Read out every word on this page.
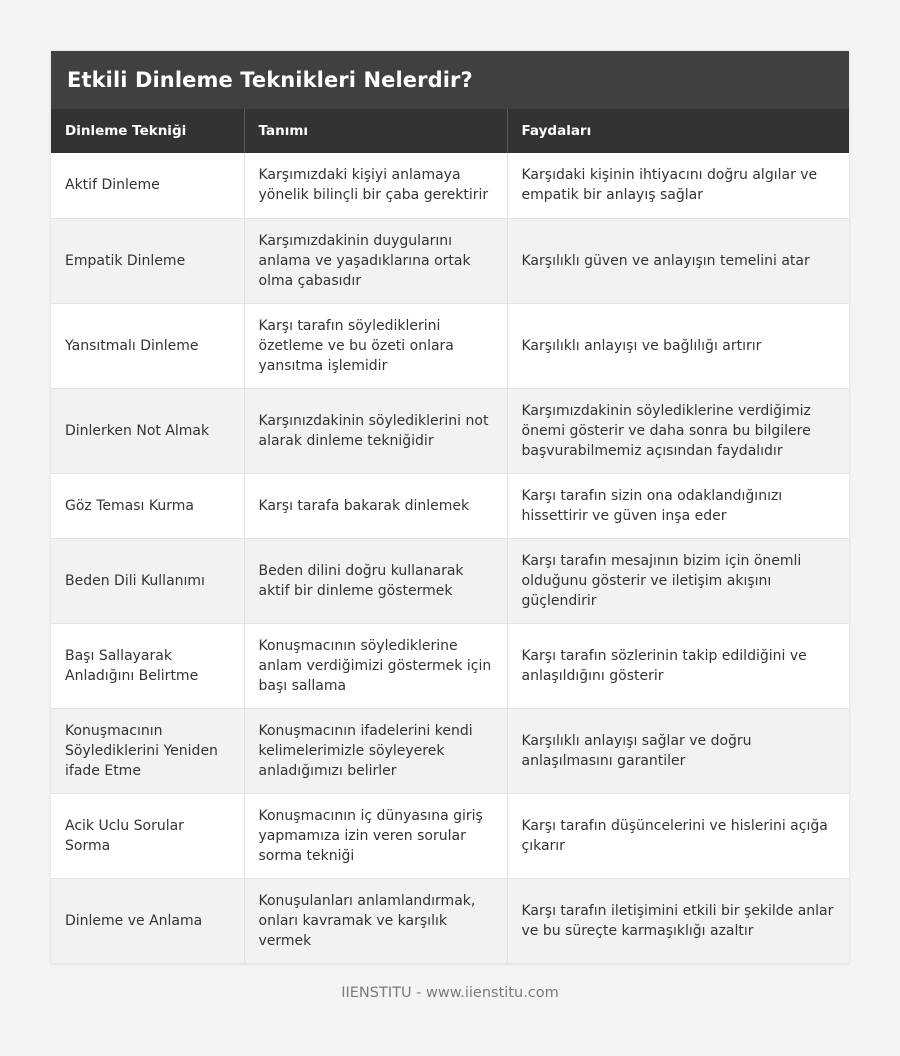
Etkili Dinleme Teknikleri Nelerdir?
Dinleme Tekniği	Tanımı	Faydaları
Aktif Dinleme	Karşımızdaki kişiyi anlamaya yönelik bilinçli bir çaba gerektirir	Karşıdaki kişinin ihtiyacını doğru algılar ve empatik bir anlayış sağlar
Empatik Dinleme	Karşımızdakinin duygularını anlama ve yaşadıklarına ortak olma çabasıdır	Karşılıklı güven ve anlayışın temelini atar
Yansıtmalı Dinleme	Karşı tarafın söylediklerini özetleme ve bu özeti onlara yansıtma işlemidir	Karşılıklı anlayışı ve bağlılığı artırır
Dinlerken Not Almak	Karşınızdakinin söylediklerini not alarak dinleme tekniğidir	Karşımızdakinin söylediklerine verdiğimiz önemi gösterir ve daha sonra bu bilgilere başvurabilmemiz açısından faydalıdır
Göz Teması Kurma	Karşı tarafa bakarak dinlemek	Karşı tarafın sizin ona odaklandığınızı hissettirir ve güven inşa eder
Beden Dili Kullanımı	Beden dilini doğru kullanarak aktif bir dinleme göstermek	Karşı tarafın mesajının bizim için önemli olduğunu gösterir ve iletişim akışını güçlendirir
Başı Sallayarak Anladığını Belirtme	Konuşmacının söylediklerine anlam verdiğimizi göstermek için başı sallama	Karşı tarafın sözlerinin takip edildiğini ve anlaşıldığını gösterir
Konuşmacının Söylediklerini Yeniden ifade Etme	Konuşmacının ifadelerini kendi kelimelerimizle söyleyerek anladığımızı belirler	Karşılıklı anlayışı sağlar ve doğru anlaşılmasını garantiler
Acik Uclu Sorular Sorma	Konuşmacının iç dünyasına giriş yapmamıza izin veren sorular sorma tekniği	Karşı tarafın düşüncelerini ve hislerini açığa çıkarır
Dinleme ve Anlama	Konuşulanları anlamlandırmak, onları kavramak ve karşılık vermek	Karşı tarafın iletişimini etkili bir şekilde anlar ve bu süreçte karmaşıklığı azaltır
IIENSTITU - www.iienstitu.com
